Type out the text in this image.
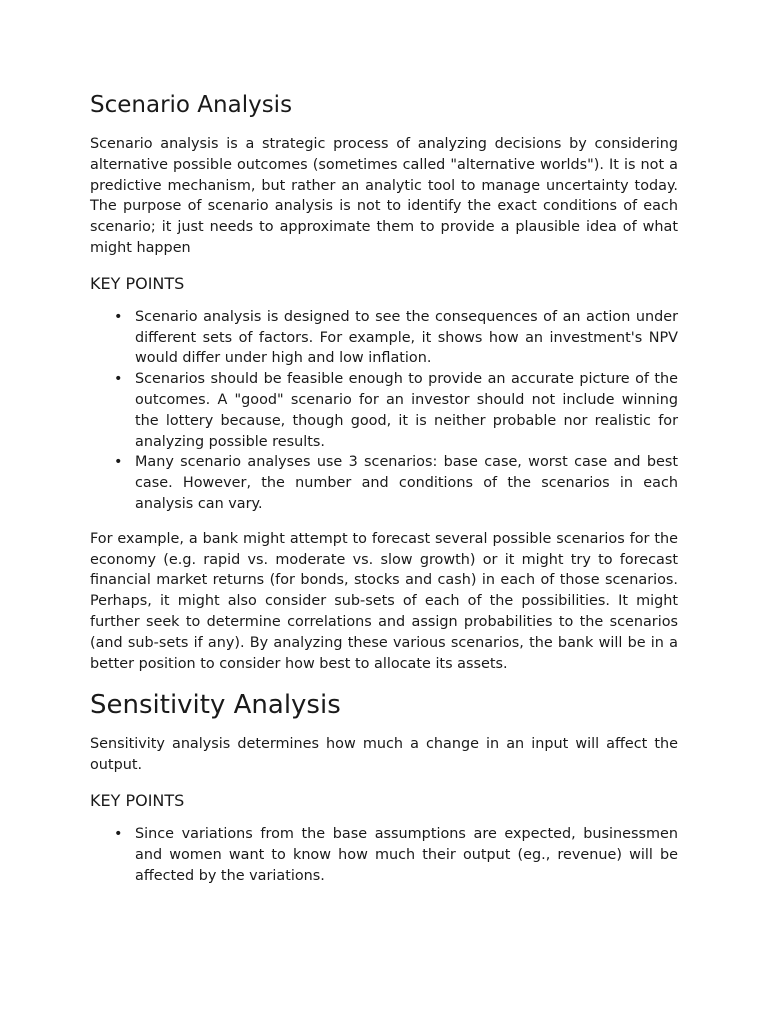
Scenario Analysis

Scenario analysis is a strategic process of analyzing decisions by considering alternative possible outcomes (sometimes called "alternative worlds"). It is not a predictive mechanism, but rather an analytic tool to manage uncertainty today. The purpose of scenario analysis is not to identify the exact conditions of each scenario; it just needs to approximate them to provide a plausible idea of what might happen

KEY POINTS
• Scenario analysis is designed to see the consequences of an action under different sets of factors. For example, it shows how an investment's NPV would differ under high and low inflation.
• Scenarios should be feasible enough to provide an accurate picture of the outcomes. A "good" scenario for an investor should not include winning the lottery because, though good, it is neither probable nor realistic for analyzing possible results.
• Many scenario analyses use 3 scenarios: base case, worst case and best case. However, the number and conditions of the scenarios in each analysis can vary.

For example, a bank might attempt to forecast several possible scenarios for the economy (e.g. rapid vs. moderate vs. slow growth) or it might try to forecast financial market returns (for bonds, stocks and cash) in each of those scenarios. Perhaps, it might also consider sub-sets of each of the possibilities. It might further seek to determine correlations and assign probabilities to the scenarios (and sub-sets if any). By analyzing these various scenarios, the bank will be in a better position to consider how best to allocate its assets.

Sensitivity Analysis

Sensitivity analysis determines how much a change in an input will affect the output.

KEY POINTS
• Since variations from the base assumptions are expected, businessmen and women want to know how much their output (eg., revenue) will be affected by the variations.
